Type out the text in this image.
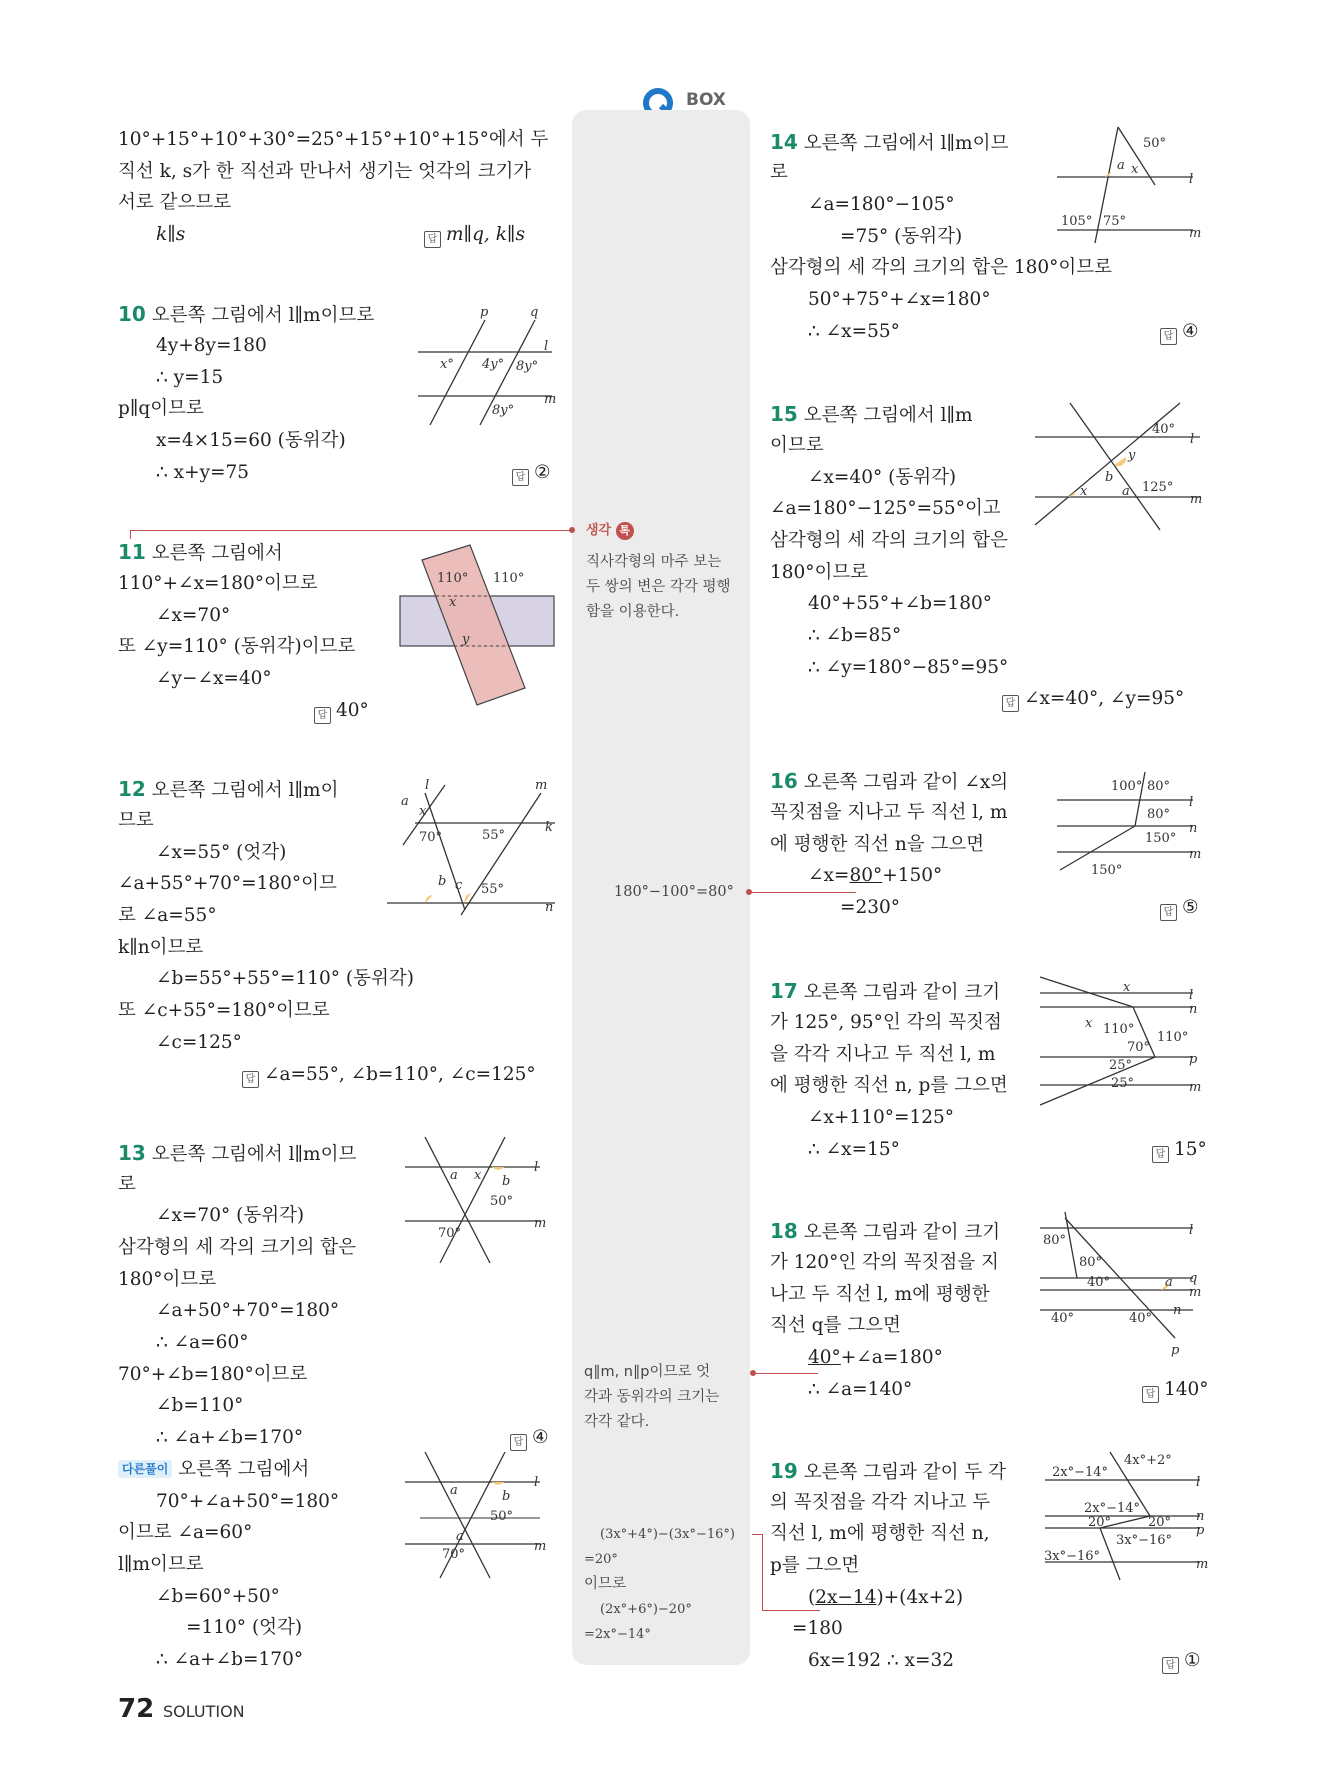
BOX
10°+15°+10°+30°=25°+15°+10°+15°에서 두
직선 k, s가 한 직선과 만나서 생기는 엇각의 크기가
서로 같으므로
k∥s	답 m∥q, k∥s
10 오른쪽 그림에서 l∥m이므로
4y+8y=180
∴ y=15
p∥q이므로
x=4×15=60 (동위각)
∴ x+y=75	답 ②
11 오른쪽 그림에서
110°+∠x=180°이므로
∠x=70°
또 ∠y=110° (동위각)이므로
∠y−∠x=40°
답 40°
12 오른쪽 그림에서 l∥m이
므로
∠x=55° (엇각)
∠a+55°+70°=180°이므
로 ∠a=55°
k∥n이므로
∠b=55°+55°=110° (동위각)
또 ∠c+55°=180°이므로
∠c=125°
답 ∠a=55°, ∠b=110°, ∠c=125°
13 오른쪽 그림에서 l∥m이므
로
∠x=70° (동위각)
삼각형의 세 각의 크기의 합은
180°이므로
∠a+50°+70°=180°
∴ ∠a=60°
70°+∠b=180°이므로
∠b=110°
∴ ∠a+∠b=170°	답 ④
다른풀이 오른쪽 그림에서
70°+∠a+50°=180°
이므로 ∠a=60°
l∥m이므로
∠b=60°+50°
=110° (엇각)
∴ ∠a+∠b=170°
생각 톡
직사각형의 마주 보는
두 쌍의 변은 각각 평행
함을 이용한다.
180°−100°=80°
q∥m, n∥p이므로 엇
각과 동위각의 크기는
각각 같다.
(3x°+4°)−(3x°−16°)
=20°
이므로
(2x°+6°)−20°
=2x°−14°
14 오른쪽 그림에서 l∥m이므
로
∠a=180°−105°
=75° (동위각)
삼각형의 세 각의 크기의 합은 180°이므로
50°+75°+∠x=180°
∴ ∠x=55°	답 ④
15 오른쪽 그림에서 l∥m
이므로
∠x=40° (동위각)
∠a=180°−125°=55°이고
삼각형의 세 각의 크기의 합은
180°이므로
40°+55°+∠b=180°
∴ ∠b=85°
∴ ∠y=180°−85°=95°
답 ∠x=40°, ∠y=95°
16 오른쪽 그림과 같이 ∠x의
꼭짓점을 지나고 두 직선 l, m
에 평행한 직선 n을 그으면
∠x=80°+150°
=230°	답 ⑤
17 오른쪽 그림과 같이 크기
가 125°, 95°인 각의 꼭짓점
을 각각 지나고 두 직선 l, m
에 평행한 직선 n, p를 그으면
∠x+110°=125°
∴ ∠x=15°	답 15°
18 오른쪽 그림과 같이 크기
가 120°인 각의 꼭짓점을 지
나고 두 직선 l, m에 평행한
직선 q를 그으면
40°+∠a=180°
∴ ∠a=140°	답 140°
19 오른쪽 그림과 같이 두 각
의 꼭짓점을 각각 지나고 두
직선 l, m에 평행한 직선 n,
p를 그으면
(2x−14)+(4x+2)
=180
6x=192 ∴ x=32	답 ①
72 SOLUTION
p	q
l
m
x° 4y° 8y°
8y°
110° 110°
x
y
l	m
k
n
a
x
70°	55°
b c 55°
l
m
a x b
50°
70°
l
m
a	b
50°
a
70°
l
m
50°
a x
105° 75°
l
m
40°
y
b
x	a 125°
l
n
m
100° 80°
80°
150°
150°
l
n
p
m
x
x 110°
110°
70°
25°
25°
l
q
m
n
p
80°
80°
40°	a
40°	40°
l
n
p
m
2x°−14°
4x°+2°
2x°−14°
20°	20°
3x°−16°
3x°−16°
